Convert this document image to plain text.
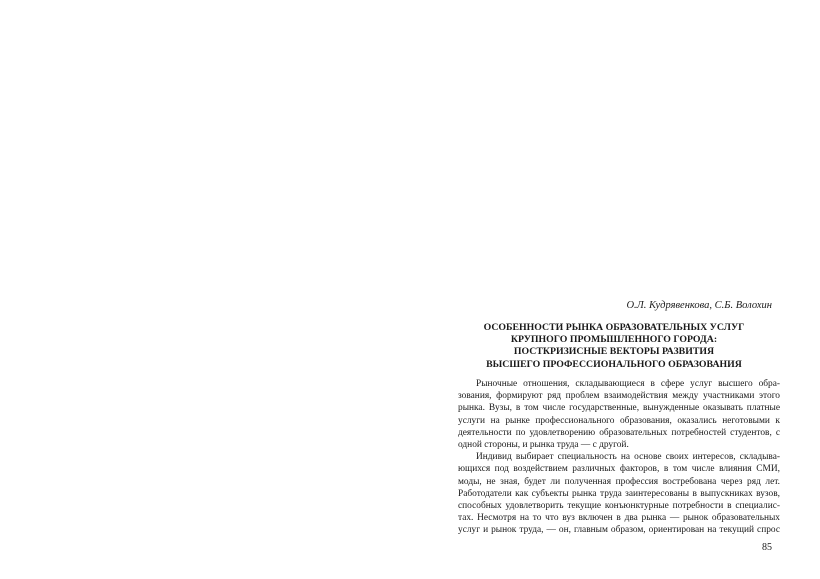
О.Л. Кудрявенкова, С.Б. Волохин
ОСОБЕННОСТИ РЫНКА ОБРАЗОВАТЕЛЬНЫХ УСЛУГ
КРУПНОГО ПРОМЫШЛЕННОГО ГОРОДА:
ПОСТКРИЗИСНЫЕ ВЕКТОРЫ РАЗВИТИЯ
ВЫСШЕГО ПРОФЕССИОНАЛЬНОГО ОБРАЗОВАНИЯ
Рыночные отношения, складывающиеся в сфере услуг высшего обра-
зования, формируют ряд проблем взаимодействия между участниками этого
рынка. Вузы, в том числе государственные, вынужденные оказывать платные
услуги на рынке профессионального образования, оказались неготовыми к
деятельности по удовлетворению образовательных потребностей студентов, с
одной стороны, и рынка труда — с другой.
Индивид выбирает специальность на основе своих интересов, складыва-
ющихся под воздействием различных факторов, в том числе влияния СМИ,
моды, не зная, будет ли полученная профессия востребована через ряд лет.
Работодатели как субъекты рынка труда заинтересованы в выпускниках вузов,
способных удовлетворить текущие конъюнктурные потребности в специалис-
тах. Несмотря на то что вуз включен в два рынка — рынок образовательных
услуг и рынок труда, — он, главным образом, ориентирован на текущий спрос
85
